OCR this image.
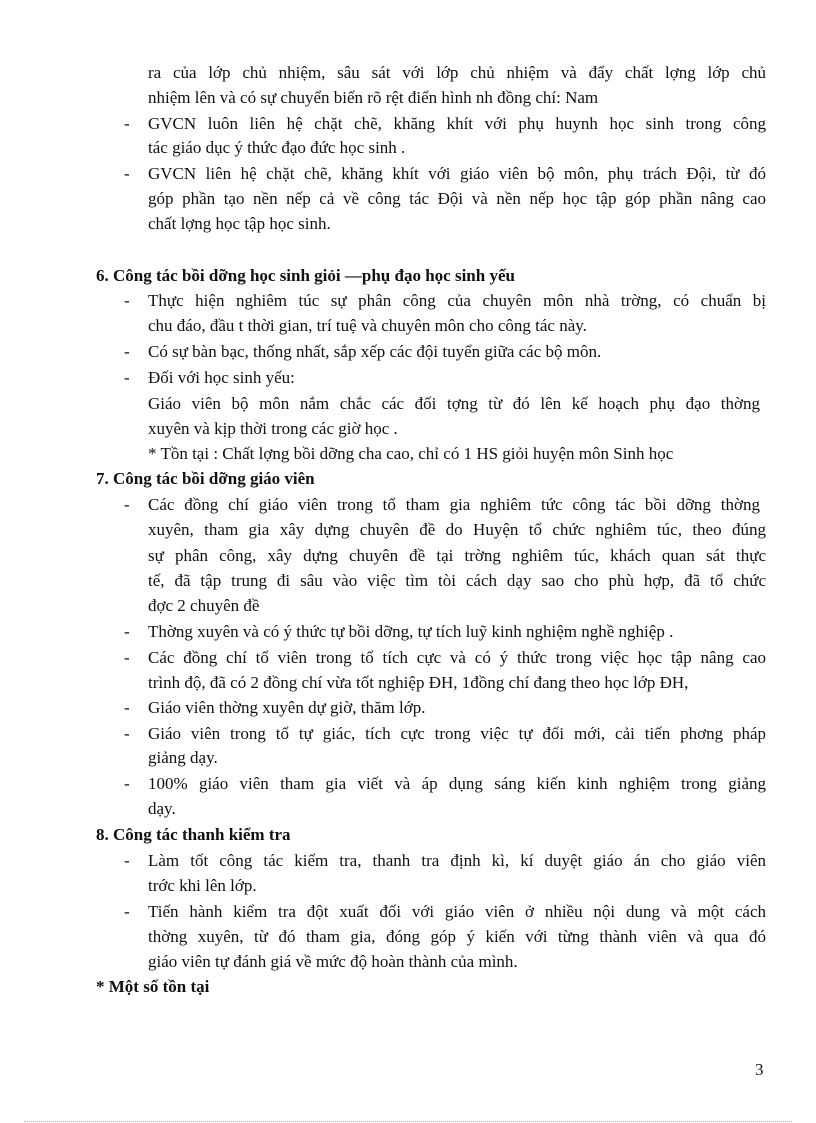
ra của lớp chủ nhiệm, sâu sát với lớp chủ nhiệm và đẩy chất lợng lớp chủ
nhiệm lên và có sự chuyển biến rõ rệt điển hình nh đồng chí: Nam
- GVCN luôn liên hệ chặt chẽ, khăng khít với phụ huynh học sinh trong công
tác giáo dục ý thức đạo đức học sinh .
- GVCN liên hệ chặt chẽ, khăng khít với giáo viên bộ môn, phụ trách Đội, từ đó
góp phần tạo nền nếp cả về công tác Đội và nền nếp học tập góp phần nâng cao
chất lợng học tập học sinh.
6. Công tác bồi dỡng học sinh giỏi —phụ đạo học sinh yếu
- Thực hiện nghiêm túc sự phân công của chuyên môn nhà trờng, có chuẩn bị
chu đáo, đầu t thời gian, trí tuệ và chuyên môn cho công tác này.
- Có sự bàn bạc, thống nhất, sắp xếp các đội tuyển giữa các bộ môn.
- Đối với học sinh yếu:
Giáo viên bộ môn nắm chắc các đối tợng từ đó lên kế hoạch phụ đạo thờng
xuyên và kịp thời trong các giờ học .
* Tồn tại : Chất lợng bồi dỡng cha cao, chỉ có 1 HS giỏi huyện môn Sinh học
7. Công tác bồi dỡng giáo viên
- Các đồng chí giáo viên trong tổ tham gia nghiêm tức công tác bồi dỡng thờng
xuyên, tham gia xây dựng chuyên đề do Huyện tổ chức nghiêm túc, theo đúng
sự phân công, xây dựng chuyên đề tại trờng nghiêm túc, khách quan sát thực
tế, đã tập trung đi sâu vào việc tìm tòi cách dạy sao cho phù hợp, đã tổ chức
đợc 2 chuyên đề
- Thờng xuyên và có ý thức tự bồi dỡng, tự tích luỹ kinh nghiệm nghề nghiệp .
- Các đồng chí tổ viên trong tổ tích cực và có ý thức trong việc học tập nâng cao
trình độ, đã có 2 đồng chí vừa tốt nghiệp ĐH, 1đồng chí đang theo học lớp ĐH,
- Giáo viên thờng xuyên dự giờ, thăm lớp.
- Giáo viên trong tổ tự giác, tích cực trong việc tự đổi mới, cải tiến phơng pháp
giảng dạy.
- 100% giáo viên tham gia viết và áp dụng sáng kiến kinh nghiệm trong giảng
dạy.
8. Công tác thanh kiểm tra
- Làm tốt công tác kiểm tra, thanh tra định kì, kí duyệt giáo án cho giáo viên
trớc khi lên lớp.
- Tiến hành kiểm tra đột xuất đối với giáo viên ở nhiều nội dung và một cách
thờng xuyên, từ đó tham gia, đóng góp ý kiến với từng thành viên và qua đó
giáo viên tự đánh giá về mức độ hoàn thành của mình.
* Một số tồn tại
3
